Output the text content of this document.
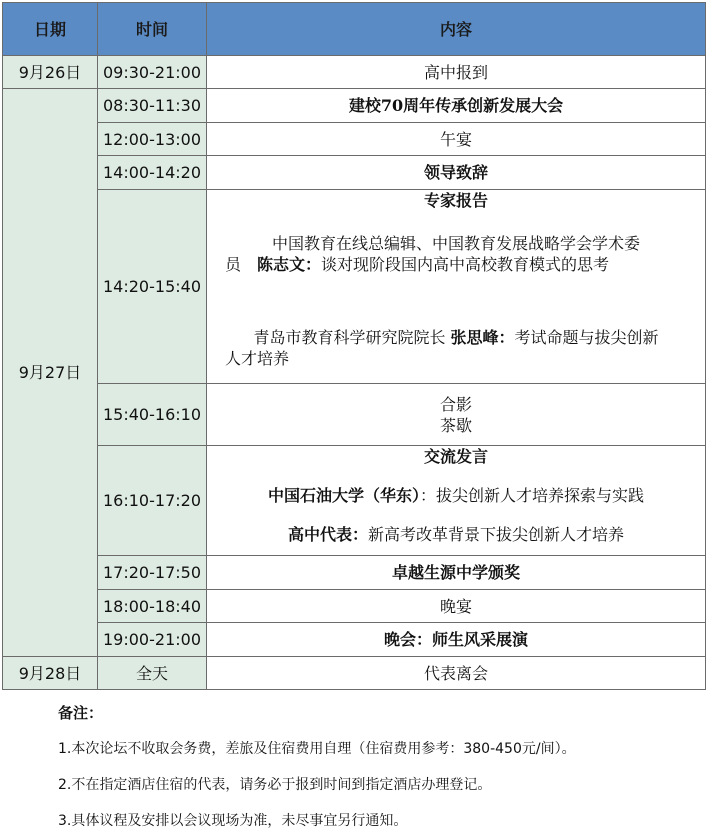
日期	时间	内容
9月26日	09:30-21:00	高中报到
9月27日	08:30-11:30	建校70周年传承创新发展大会
	12:00-13:00	午宴
	14:00-14:20	领导致辞
	14:20-15:40	专家报告
中国教育在线总编辑、中国教育发展战略学会学术委
员　陈志文：谈对现阶段国内高中高校教育模式的思考
青岛市教育科学研究院院长 张思峰：考试命题与拔尖创新
人才培养

	15:40-16:10	合影
茶歇

	16:10-17:20	交流发言
中国石油大学（华东）：拔尖创新人才培养探索与实践
高中代表：新高考改革背景下拔尖创新人才培养

	17:20-17:50	卓越生源中学颁奖
	18:00-18:40	晚宴
	19:00-21:00	晚会：师生风采展演
9月28日	全天	代表离会
备注：
1.本次论坛不收取会务费，差旅及住宿费用自理（住宿费用参考：380-450元/间）。
2.不在指定酒店住宿的代表，请务必于报到时间到指定酒店办理登记。
3.具体议程及安排以会议现场为准，未尽事宜另行通知。
